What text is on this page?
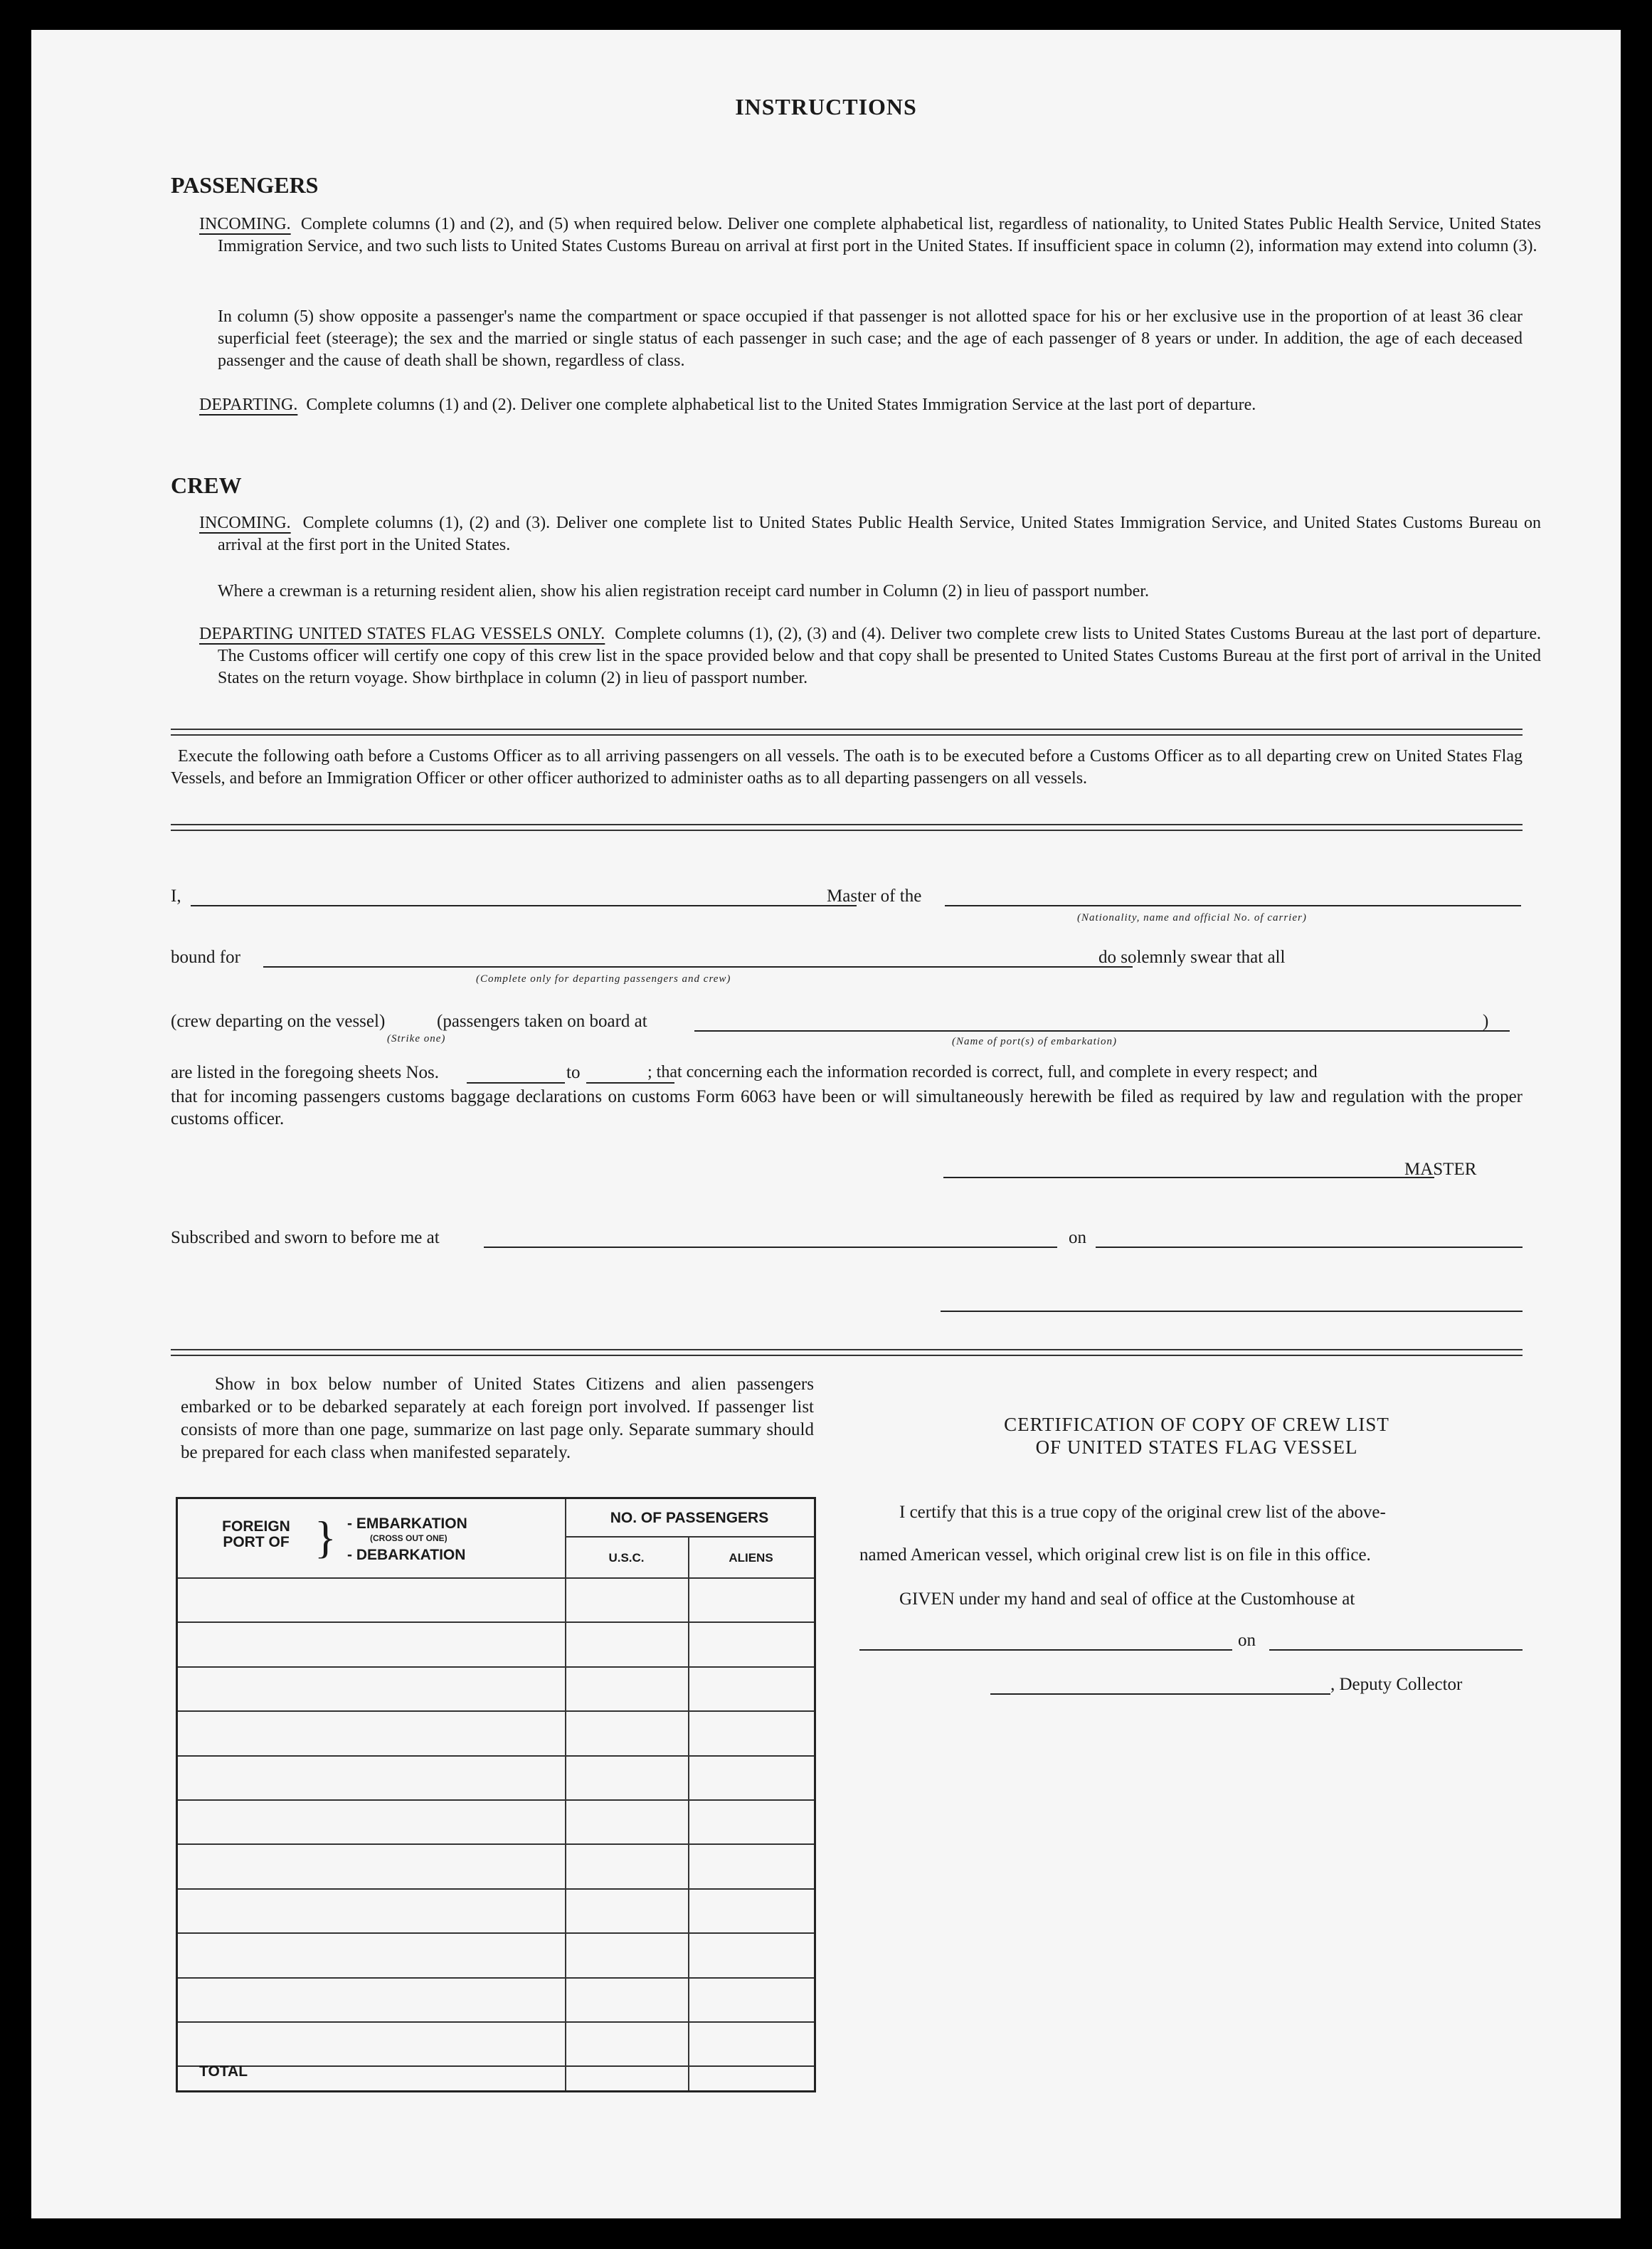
INSTRUCTIONS
PASSENGERS
INCOMING. Complete columns (1) and (2), and (5) when required below. Deliver one complete alphabetical list, regardless of nationality, to United States Public Health Service, United States Immigration Service, and two such lists to United States Customs Bureau on arrival at first port in the United States. If insufficient space in column (2), information may extend into column (3).
In column (5) show opposite a passenger's name the compartment or space occupied if that passenger is not allotted space for his or her exclusive use in the proportion of at least 36 clear superficial feet (steerage); the sex and the married or single status of each passenger in such case; and the age of each passenger of 8 years or under. In addition, the age of each deceased passenger and the cause of death shall be shown, regardless of class.
DEPARTING. Complete columns (1) and (2). Deliver one complete alphabetical list to the United States Immigration Service at the last port of departure.
CREW
INCOMING. Complete columns (1), (2) and (3). Deliver one complete list to United States Public Health Service, United States Immigration Service, and United States Customs Bureau on arrival at the first port in the United States.
Where a crewman is a returning resident alien, show his alien registration receipt card number in Column (2) in lieu of passport number.
DEPARTING UNITED STATES FLAG VESSELS ONLY. Complete columns (1), (2), (3) and (4). Deliver two complete crew lists to United States Customs Bureau at the last port of departure. The Customs officer will certify one copy of this crew list in the space provided below and that copy shall be presented to United States Customs Bureau at the first port of arrival in the United States on the return voyage. Show birthplace in column (2) in lieu of passport number.
Execute the following oath before a Customs Officer as to all arriving passengers on all vessels. The oath is to be executed before a Customs Officer as to all departing crew on United States Flag Vessels, and before an Immigration Officer or other officer authorized to administer oaths as to all departing passengers on all vessels.
I,	Master of the
(Nationality, name and official No. of carrier)
bound for	do solemnly swear that all
(Complete only for departing passengers and crew)
(crew departing on the vessel)
(Strike one)
(passengers taken on board at	)
(Name of port(s) of embarkation)
are listed in the foregoing sheets Nos.	to	; that concerning each the information recorded is correct, full, and complete in every respect; and
that for incoming passengers customs baggage declarations on customs Form 6063 have been or will simultaneously herewith be filed as required by law and regulation with the proper customs officer.
MASTER
Subscribed and sworn to before me at	on
Show in box below number of United States Citizens and alien passengers embarked or to be debarked separately at each foreign port involved. If passenger list consists of more than one page, summarize on last page only. Separate summary should be prepared for each class when manifested separately.
FOREIGN PORT OF } - EMBARKATION
(CROSS OUT ONE)
- DEBARKATION
NO. OF PASSENGERS
U.S.C.	ALIENS
TOTAL
CERTIFICATION OF COPY OF CREW LIST
OF UNITED STATES FLAG VESSEL
I certify that this is a true copy of the original crew list of the above-
named American vessel, which original crew list is on file in this office.
GIVEN under my hand and seal of office at the Customhouse at
on
, Deputy Collector
